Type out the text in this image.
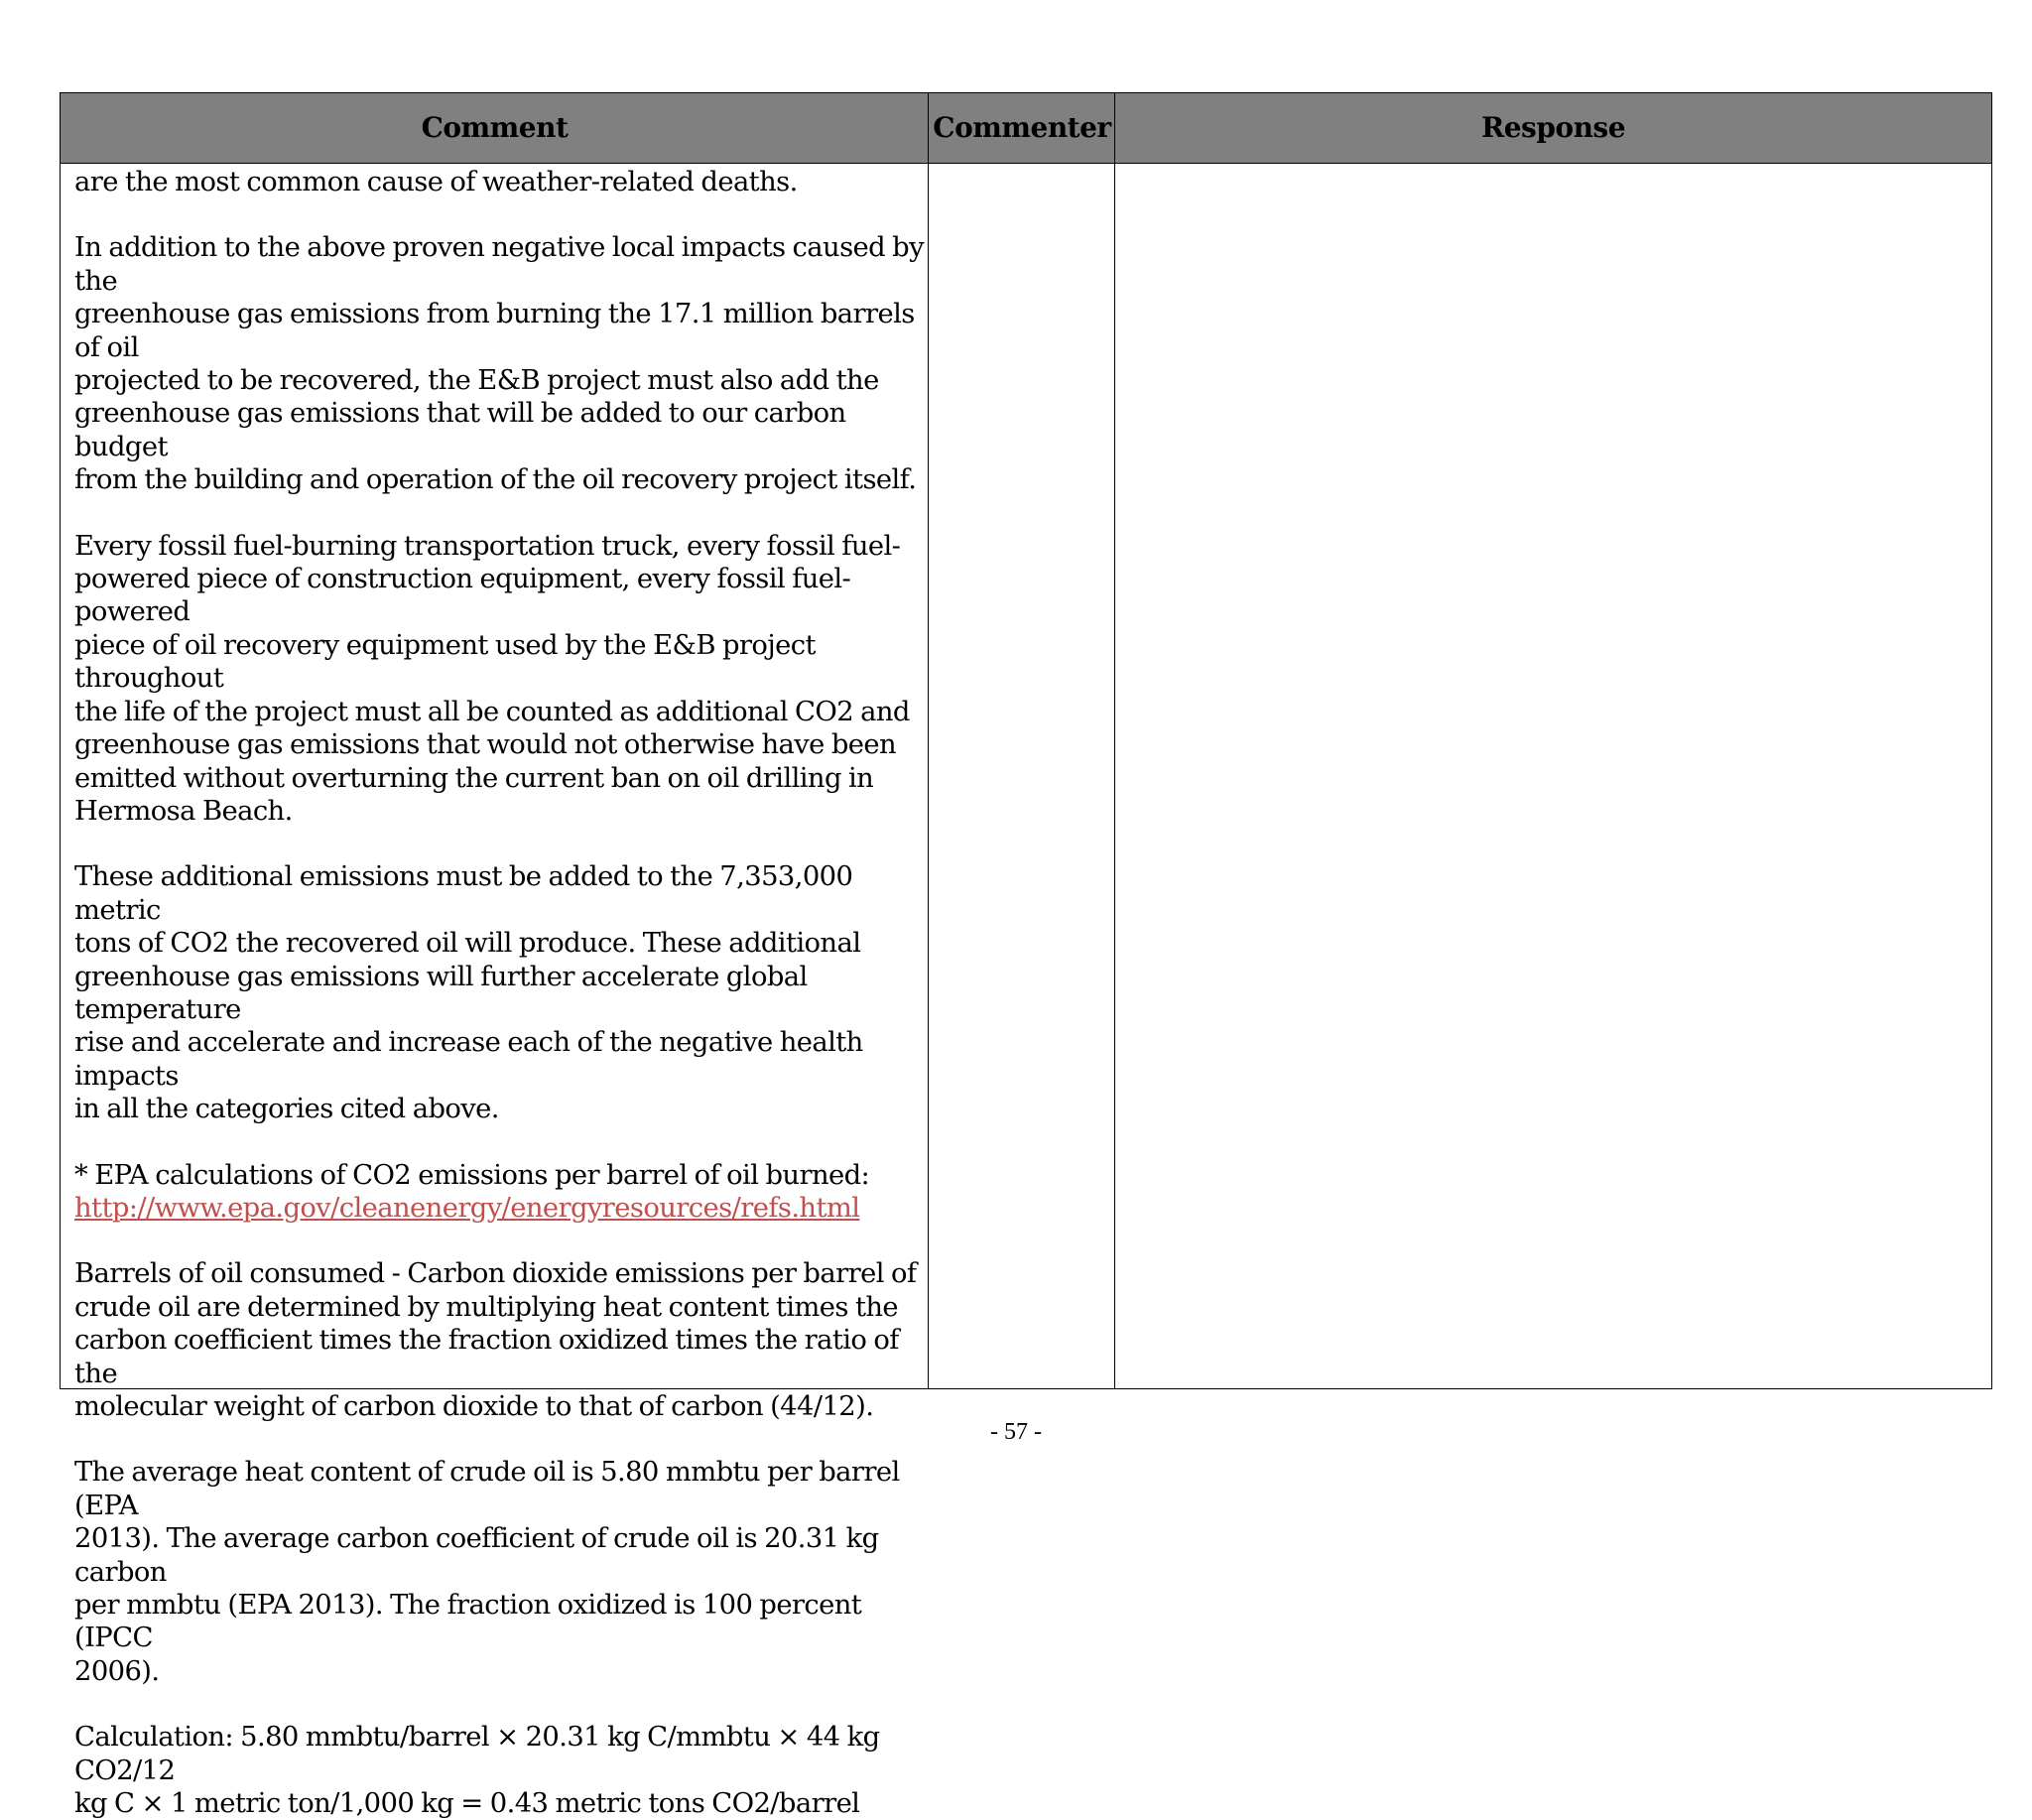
Comment	Commenter	Response

are the most common cause of weather-related deaths.

In addition to the above proven negative local impacts caused by the
greenhouse gas emissions from burning the 17.1 million barrels of oil
projected to be recovered, the E&B project must also add the
greenhouse gas emissions that will be added to our carbon budget
from the building and operation of the oil recovery project itself.

Every fossil fuel-burning transportation truck, every fossil fuel-
powered piece of construction equipment, every fossil fuel-powered
piece of oil recovery equipment used by the E&B project throughout
the life of the project must all be counted as additional CO2 and
greenhouse gas emissions that would not otherwise have been
emitted without overturning the current ban on oil drilling in
Hermosa Beach.

These additional emissions must be added to the 7,353,000 metric
tons of CO2 the recovered oil will produce. These additional
greenhouse gas emissions will further accelerate global temperature
rise and accelerate and increase each of the negative health impacts
in all the categories cited above.

* EPA calculations of CO2 emissions per barrel of oil burned:
http://www.epa.gov/cleanenergy/energyresources/refs.html

Barrels of oil consumed - Carbon dioxide emissions per barrel of
crude oil are determined by multiplying heat content times the
carbon coefficient times the fraction oxidized times the ratio of the
molecular weight of carbon dioxide to that of carbon (44/12).

The average heat content of crude oil is 5.80 mmbtu per barrel (EPA
2013). The average carbon coefficient of crude oil is 20.31 kg carbon
per mmbtu (EPA 2013). The fraction oxidized is 100 percent (IPCC
2006).

Calculation: 5.80 mmbtu/barrel × 20.31 kg C/mmbtu × 44 kg CO2/12
kg C × 1 metric ton/1,000 kg = 0.43 metric tons CO2/barrel

- 57 -
